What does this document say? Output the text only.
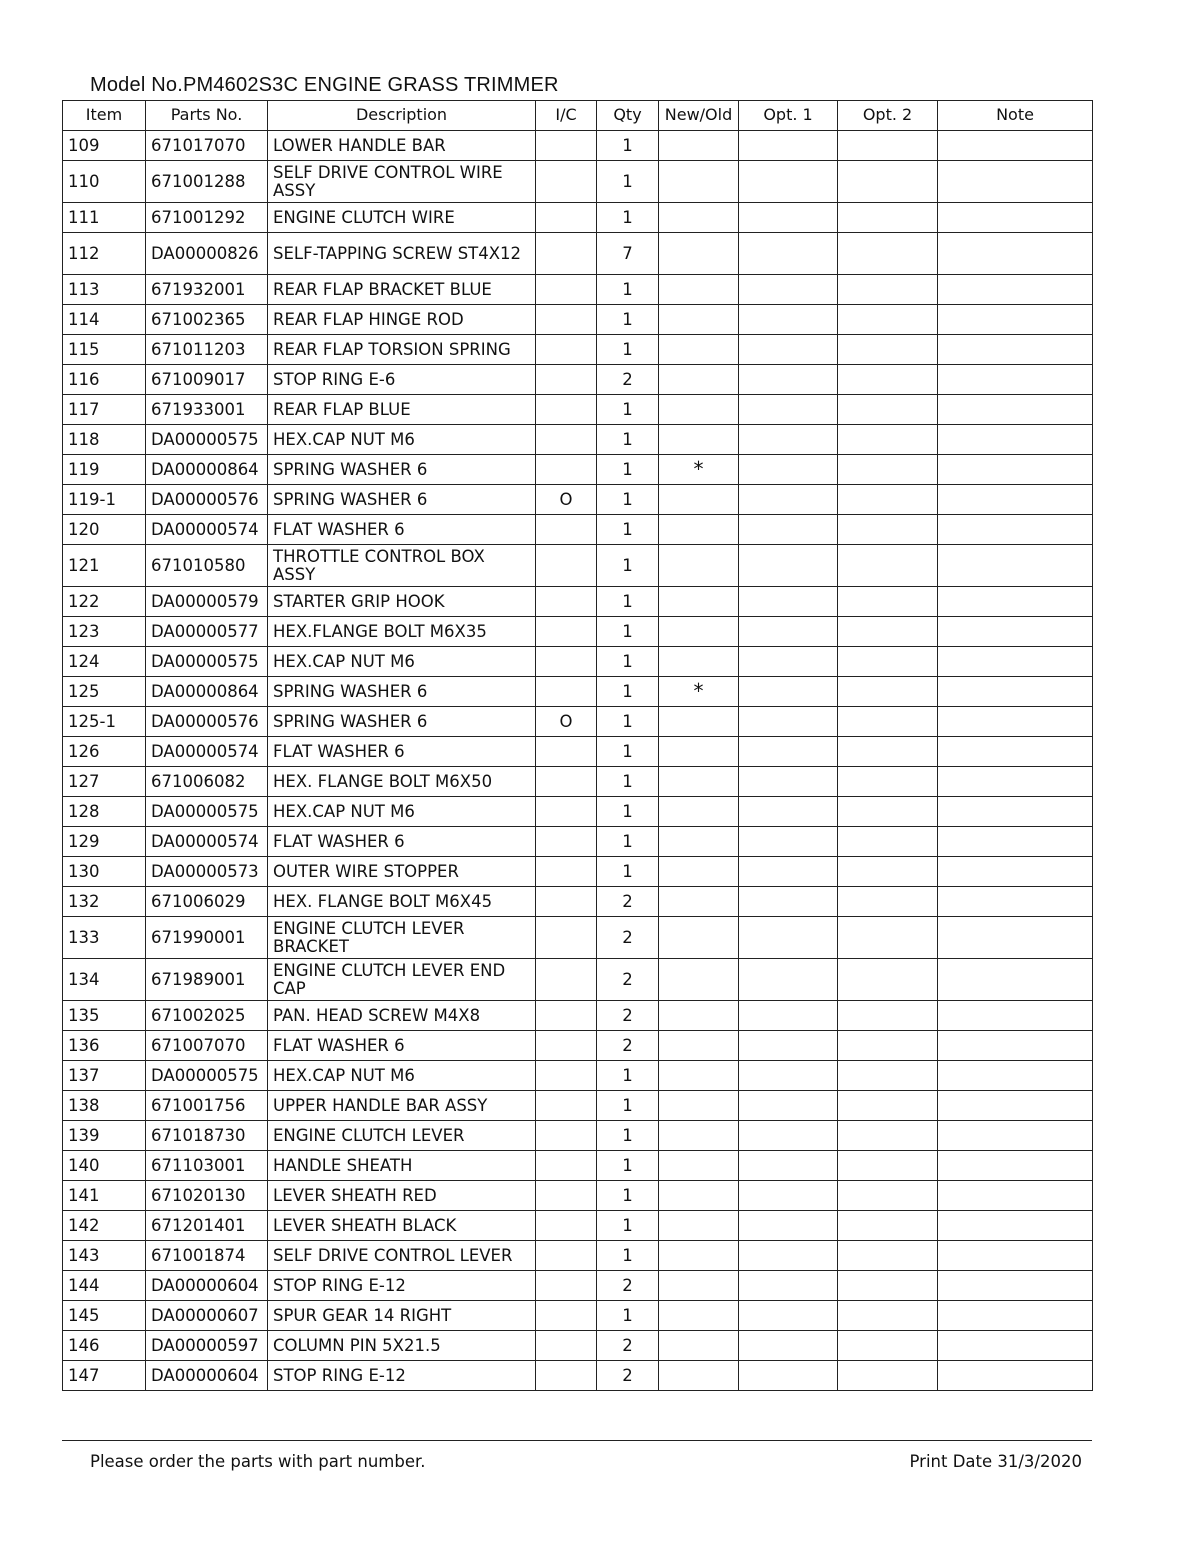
Model No.PM4602S3C ENGINE GRASS TRIMMER
Item	Parts No.	Description	I/C	Qty	New/Old	Opt. 1	Opt. 2	Note
109	671017070	LOWER HANDLE BAR		1				
110	671001288	SELF DRIVE CONTROL WIRE ASSY		1				
111	671001292	ENGINE CLUTCH WIRE		1				
112	DA00000826	SELF-TAPPING SCREW ST4X12		7				
113	671932001	REAR FLAP BRACKET BLUE		1				
114	671002365	REAR FLAP HINGE ROD		1				
115	671011203	REAR FLAP TORSION SPRING		1				
116	671009017	STOP RING E-6		2				
117	671933001	REAR FLAP BLUE		1				
118	DA00000575	HEX.CAP NUT M6		1				
119	DA00000864	SPRING WASHER 6		1	*			
119-1	DA00000576	SPRING WASHER 6	O	1				
120	DA00000574	FLAT WASHER 6		1				
121	671010580	THROTTLE CONTROL BOX ASSY		1				
122	DA00000579	STARTER GRIP HOOK		1				
123	DA00000577	HEX.FLANGE BOLT M6X35		1				
124	DA00000575	HEX.CAP NUT M6		1				
125	DA00000864	SPRING WASHER 6		1	*			
125-1	DA00000576	SPRING WASHER 6	O	1				
126	DA00000574	FLAT WASHER 6		1				
127	671006082	HEX. FLANGE BOLT M6X50		1				
128	DA00000575	HEX.CAP NUT M6		1				
129	DA00000574	FLAT WASHER 6		1				
130	DA00000573	OUTER WIRE STOPPER		1				
132	671006029	HEX. FLANGE BOLT M6X45		2				
133	671990001	ENGINE CLUTCH LEVER BRACKET		2				
134	671989001	ENGINE CLUTCH LEVER END CAP		2				
135	671002025	PAN. HEAD SCREW M4X8		2				
136	671007070	FLAT WASHER 6		2				
137	DA00000575	HEX.CAP NUT M6		1				
138	671001756	UPPER HANDLE BAR ASSY		1				
139	671018730	ENGINE CLUTCH LEVER		1				
140	671103001	HANDLE SHEATH		1				
141	671020130	LEVER SHEATH RED		1				
142	671201401	LEVER SHEATH BLACK		1				
143	671001874	SELF DRIVE CONTROL LEVER		1				
144	DA00000604	STOP RING E-12		2				
145	DA00000607	SPUR GEAR 14 RIGHT		1				
146	DA00000597	COLUMN PIN 5X21.5		2				
147	DA00000604	STOP RING E-12		2				
Please order the parts with part number.	Print Date 31/3/2020
